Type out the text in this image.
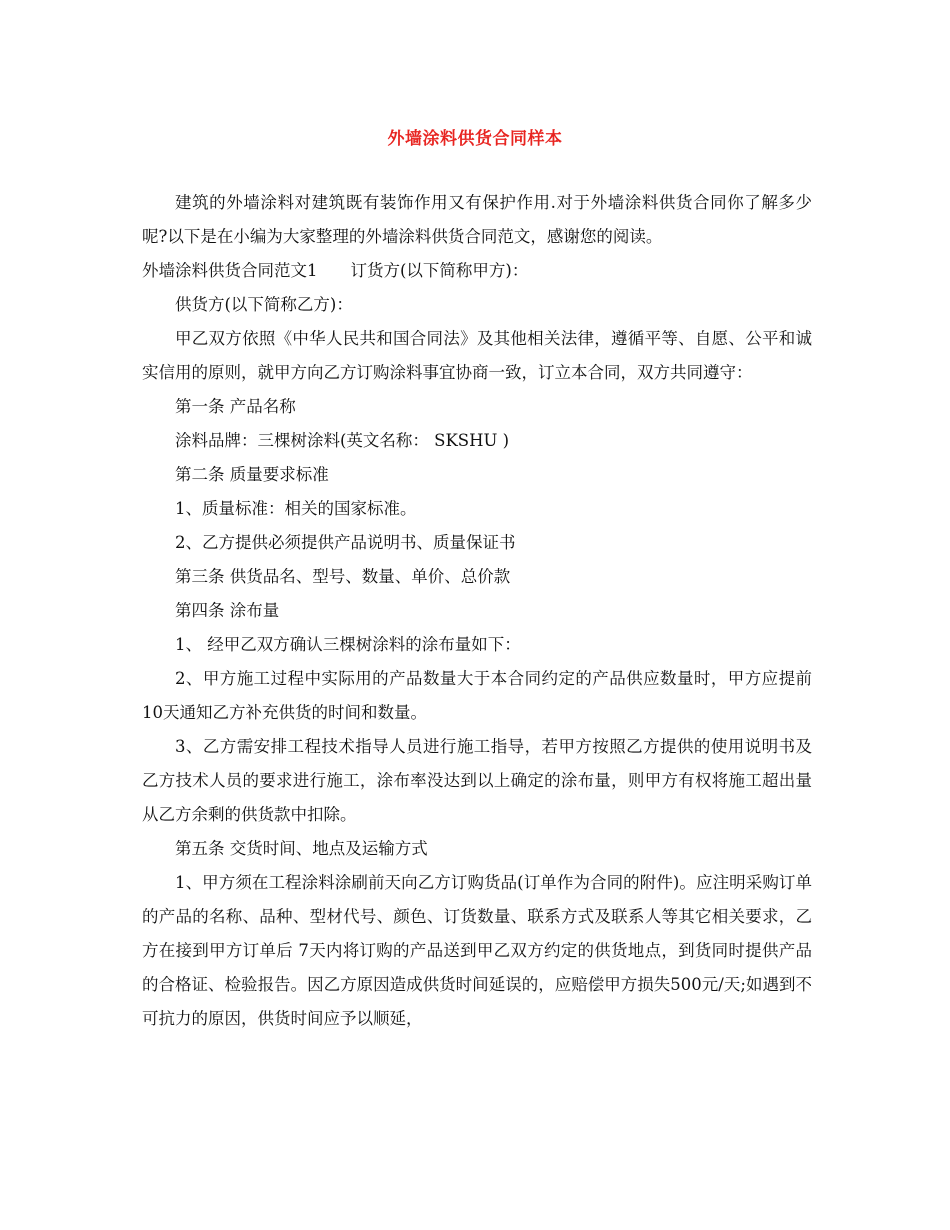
外墙涂料供货合同样本

建筑的外墙涂料对建筑既有装饰作用又有保护作用.对于外墙涂料供货合同你了解多少呢?以下是在小编为大家整理的外墙涂料供货合同范文，感谢您的阅读。

外墙涂料供货合同范文1　　订货方(以下简称甲方)：

供货方(以下简称乙方)：

甲乙双方依照《中华人民共和国合同法》及其他相关法律，遵循平等、自愿、公平和诚实信用的原则，就甲方向乙方订购涂料事宜协商一致，订立本合同，双方共同遵守：

第一条 产品名称

涂料品牌：三棵树涂料(英文名称： SKSHU )

第二条 质量要求标准

1、质量标准：相关的国家标准。

2、乙方提供必须提供产品说明书、质量保证书

第三条 供货品名、型号、数量、单价、总价款

第四条 涂布量

1、 经甲乙双方确认三棵树涂料的涂布量如下：

2、甲方施工过程中实际用的产品数量大于本合同约定的产品供应数量时，甲方应提前10天通知乙方补充供货的时间和数量。

3、乙方需安排工程技术指导人员进行施工指导，若甲方按照乙方提供的使用说明书及乙方技术人员的要求进行施工，涂布率没达到以上确定的涂布量，则甲方有权将施工超出量从乙方余剩的供货款中扣除。

第五条 交货时间、地点及运输方式

1、甲方须在工程涂料涂刷前天向乙方订购货品(订单作为合同的附件)。应注明采购订单的产品的名称、品种、型材代号、颜色、订货数量、联系方式及联系人等其它相关要求，乙方在接到甲方订单后 7天内将订购的产品送到甲乙双方约定的供货地点，到货同时提供产品的合格证、检验报告。因乙方原因造成供货时间延误的，应赔偿甲方损失500元/天;如遇到不可抗力的原因，供货时间应予以顺延，
